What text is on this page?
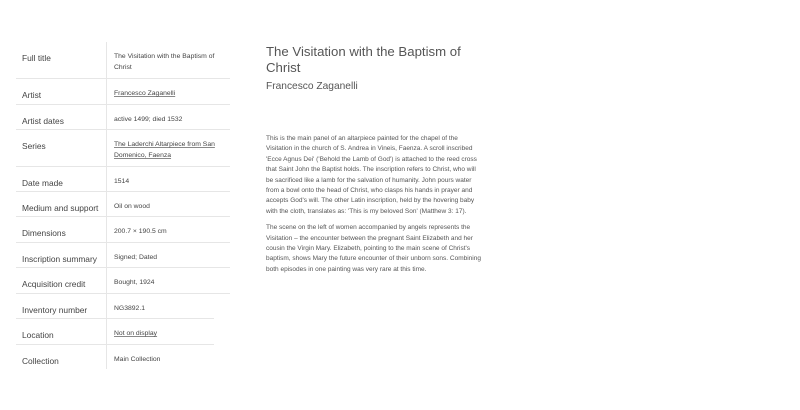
Full title	The Visitation with the Baptism of Christ
Artist	Francesco Zaganelli
Artist dates	active 1499; died 1532
Series	The Laderchi Altarpiece from San Domenico, Faenza
Date made	1514
Medium and support	Oil on wood
Dimensions	200.7 × 190.5 cm
Inscription summary	Signed; Dated
Acquisition credit	Bought, 1924
Inventory number	NG3892.1
Location	Not on display
Collection	Main Collection
The Visitation with the Baptism of Christ
Francesco Zaganelli

This is the main panel of an altarpiece painted for the chapel of the Visitation in the church of S. Andrea in Vineis, Faenza. A scroll inscribed 'Ecce Agnus Dei' ('Behold the Lamb of God') is attached to the reed cross that Saint John the Baptist holds. The inscription refers to Christ, who will be sacrificed like a lamb for the salvation of humanity. John pours water from a bowl onto the head of Christ, who clasps his hands in prayer and accepts God's will. The other Latin inscription, held by the hovering baby with the cloth, translates as: 'This is my beloved Son' (Matthew 3: 17).

The scene on the left of women accompanied by angels represents the Visitation – the encounter between the pregnant Saint Elizabeth and her cousin the Virgin Mary. Elizabeth, pointing to the main scene of Christ's baptism, shows Mary the future encounter of their unborn sons. Combining both episodes in one painting was very rare at this time.
